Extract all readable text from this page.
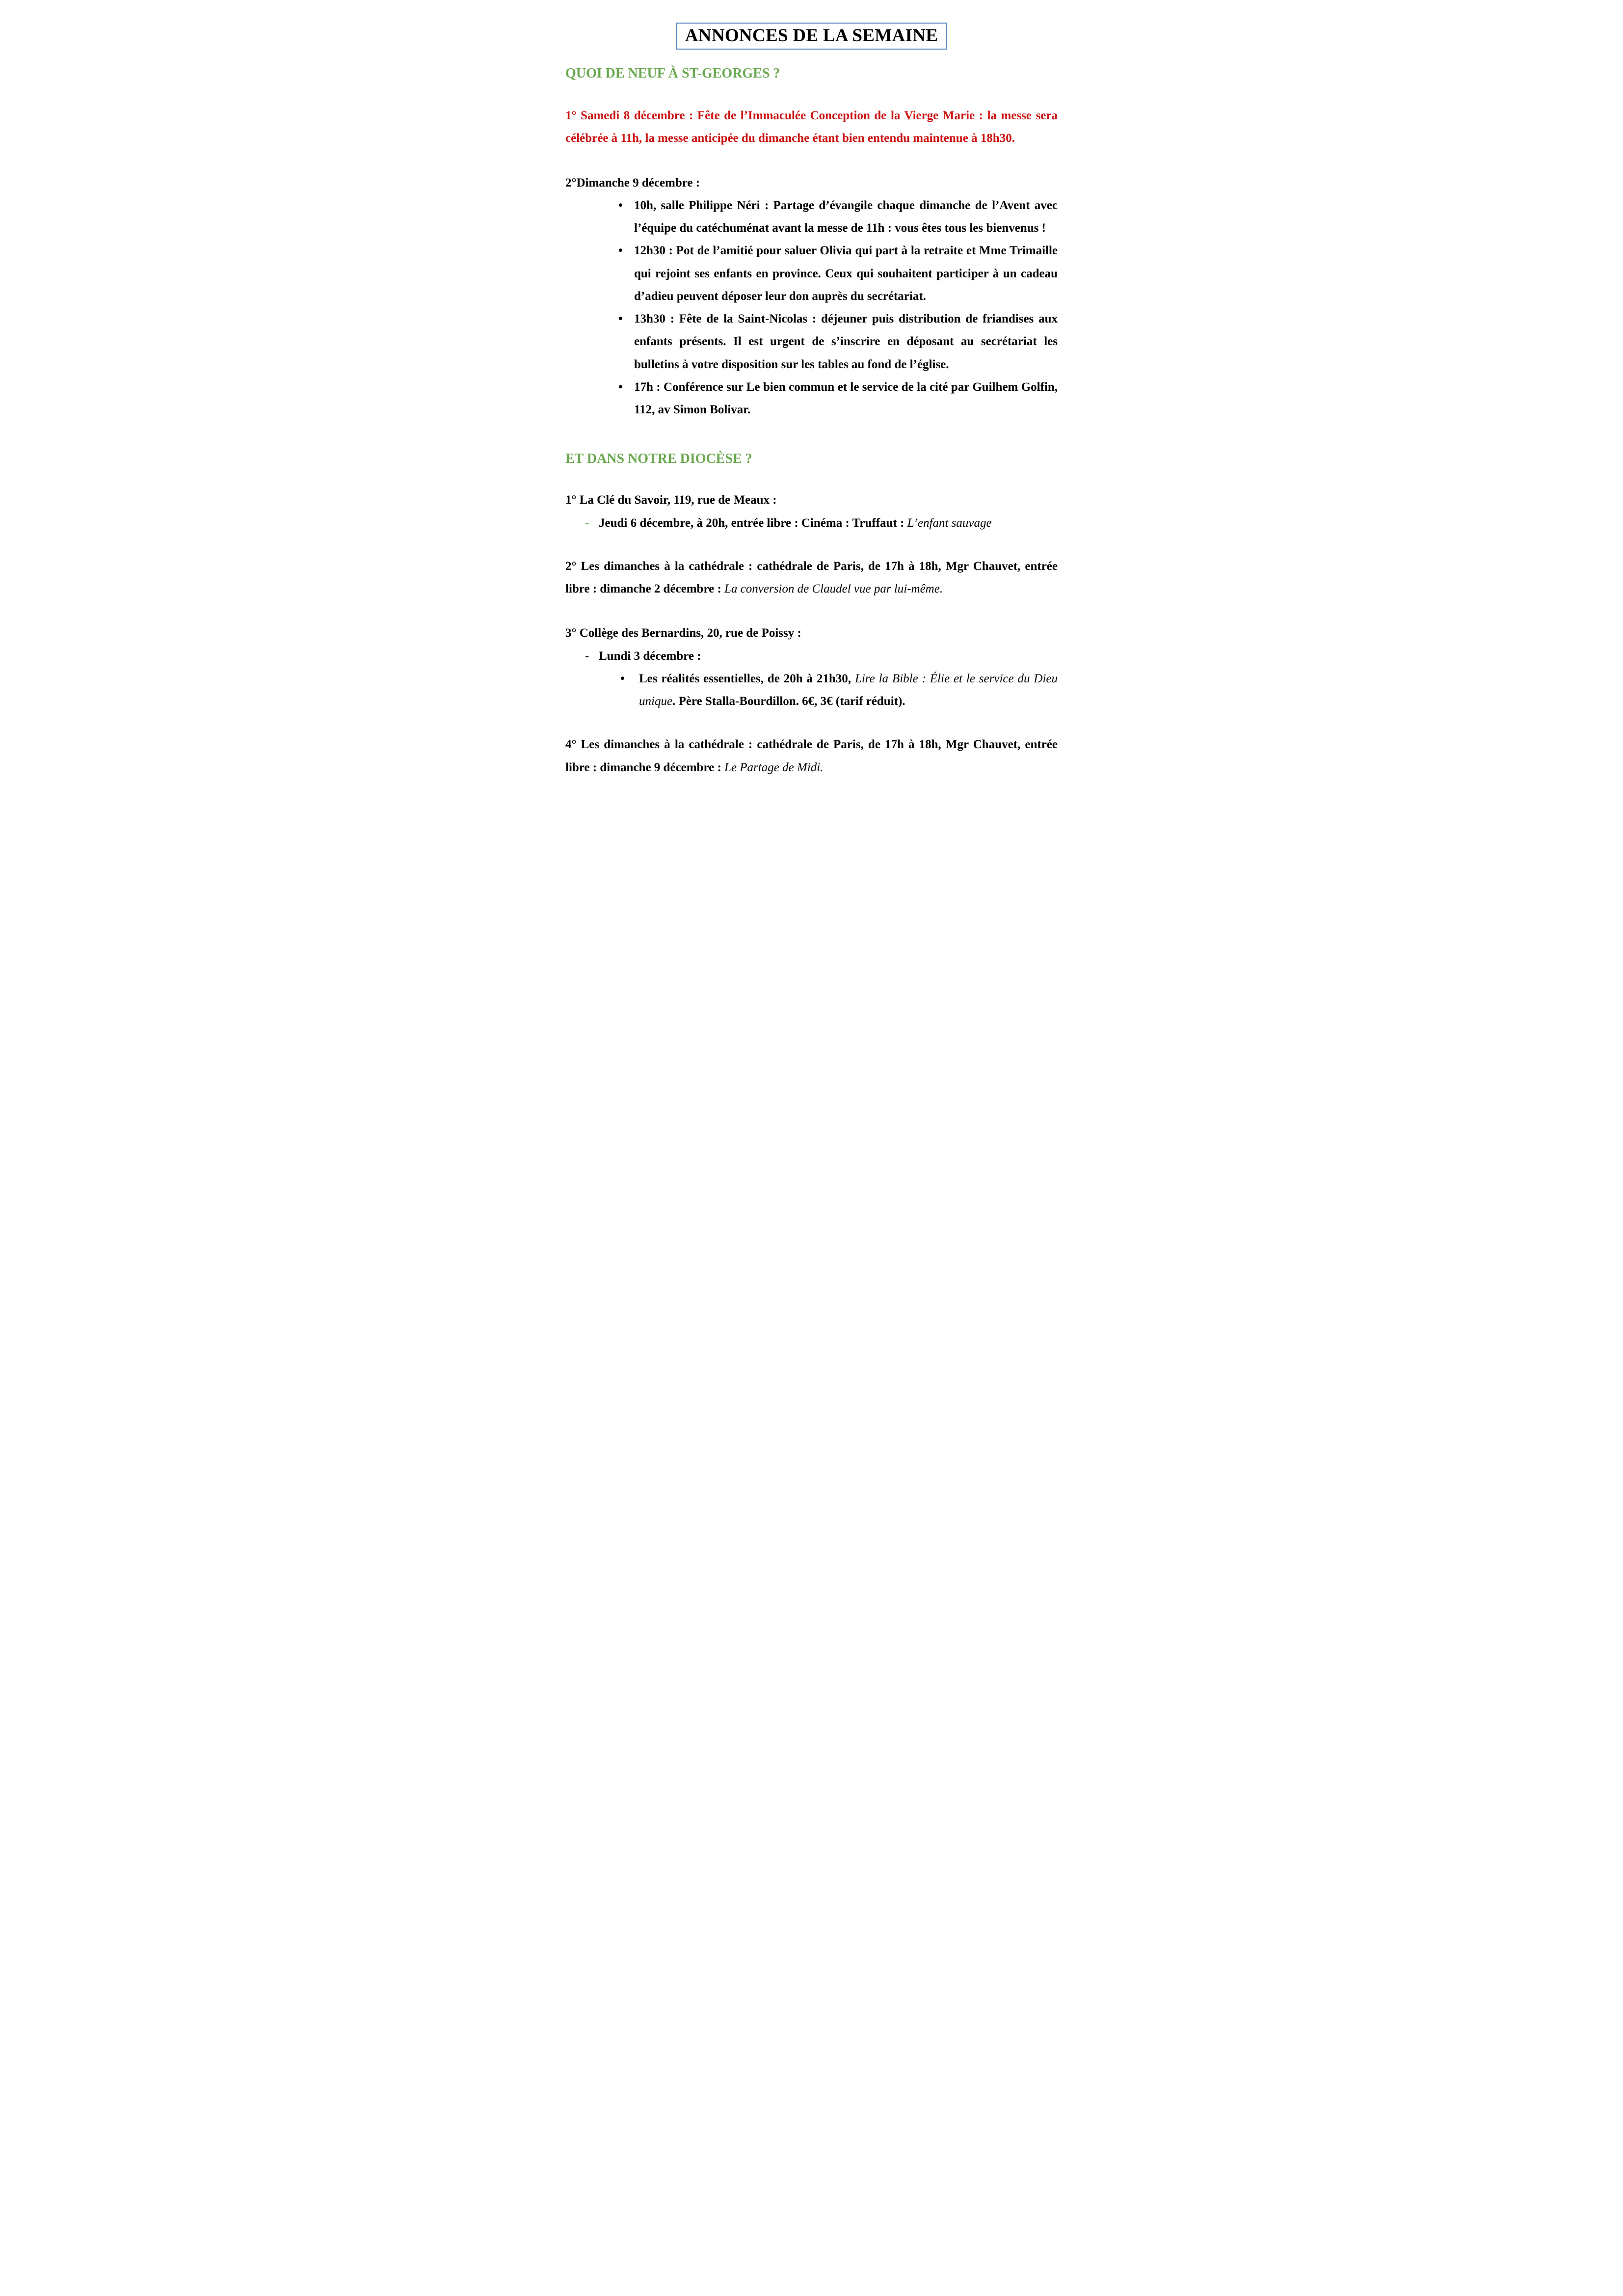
ANNONCES DE LA SEMAINE
QUOI DE NEUF À ST-GEORGES ?
1° Samedi 8 décembre : Fête de l’Immaculée Conception de la Vierge Marie : la messe sera célébrée à 11h, la messe anticipée du dimanche étant bien entendu maintenue à 18h30.
2°Dimanche 9 décembre :
• 10h, salle Philippe Néri : Partage d’évangile chaque dimanche de l’Avent avec l’équipe du catéchuménat avant la messe de 11h : vous êtes tous les bienvenus !
• 12h30 : Pot de l’amitié pour saluer Olivia qui part à la retraite et Mme Trimaille qui rejoint ses enfants en province. Ceux qui souhaitent participer à un cadeau d’adieu peuvent déposer leur don auprès du secrétariat.
• 13h30 : Fête de la Saint-Nicolas : déjeuner puis distribution de friandises aux enfants présents. Il est urgent de s’inscrire en déposant au secrétariat les bulletins à votre disposition sur les tables au fond de l’église.
• 17h : Conférence sur Le bien commun et le service de la cité par Guilhem Golfin, 112, av Simon Bolivar.
ET DANS NOTRE DIOCÈSE ?
1° La Clé du Savoir, 119, rue de Meaux :
- Jeudi 6 décembre, à 20h, entrée libre : Cinéma : Truffaut : L’enfant sauvage
2° Les dimanches à la cathédrale : cathédrale de Paris, de 17h à 18h, Mgr Chauvet, entrée libre : dimanche 2 décembre : La conversion de Claudel vue par lui-même.
3° Collège des Bernardins, 20, rue de Poissy :
- Lundi 3 décembre :
• Les réalités essentielles, de 20h à 21h30, Lire la Bible : Élie et le service du Dieu unique. Père Stalla-Bourdillon. 6€, 3€ (tarif réduit).
4° Les dimanches à la cathédrale : cathédrale de Paris, de 17h à 18h, Mgr Chauvet, entrée libre : dimanche 9 décembre : Le Partage de Midi.
